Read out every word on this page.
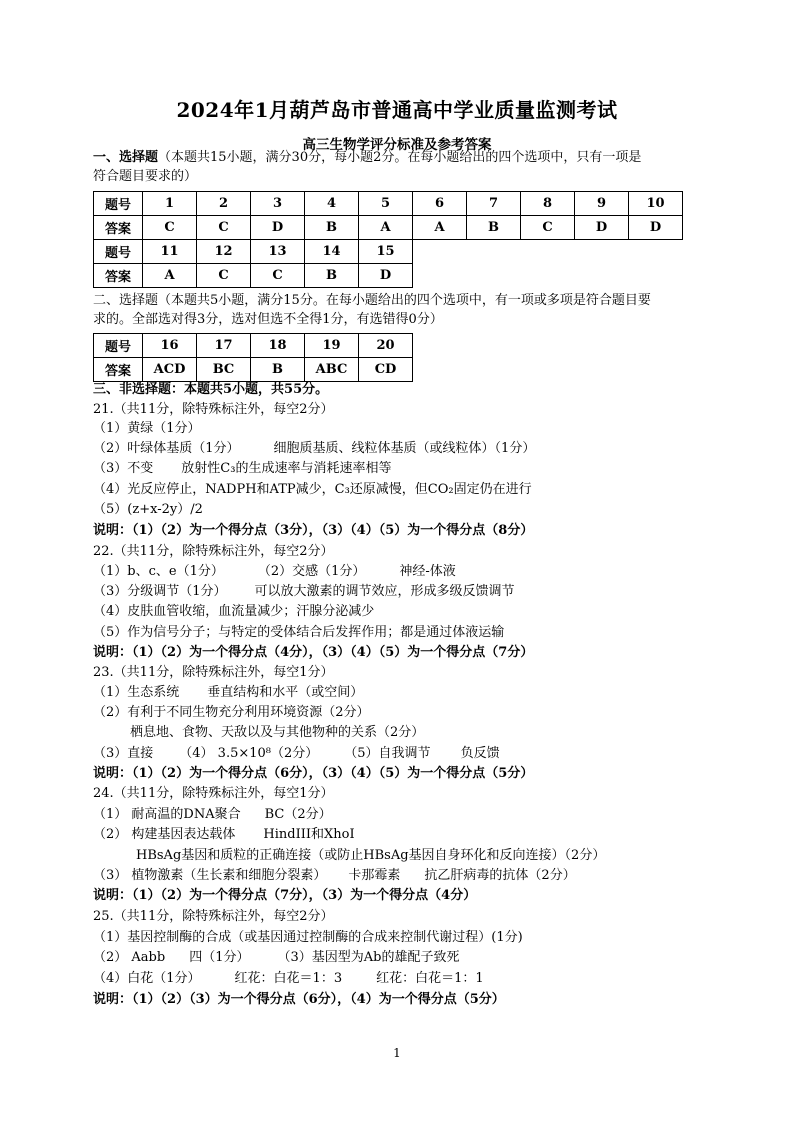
2024年1月葫芦岛市普通高中学业质量监测考试
高三生物学评分标准及参考答案
一、选择题（本题共15小题，满分30分，每小题2分。在每小题给出的四个选项中，只有一项是
符合题目要求的）
题号	1	2	3	4	5	6	7	8	9	10
答案	C	C	D	B	A	A	B	C	D	D
题号	11	12	13	14	15					
答案	A	C	C	B	D					
二、选择题（本题共5小题，满分15分。在每小题给出的四个选项中，有一项或多项是符合题目要
求的。全部选对得3分，选对但选不全得1分，有选错得0分）
题号	16	17	18	19	20
答案	ACD	BC	B	ABC	CD
三、非选择题：本题共5小题，共55分。
21.（共11分，除特殊标注外，每空2分）
（1）黄绿（1分）
（2）叶绿体基质（1分）	细胞质基质、线粒体基质（或线粒体）（1分）
（3）不变 放射性C₃的生成速率与消耗速率相等
（4）光反应停止，NADPH和ATP减少，C₃还原减慢，但CO₂固定仍在进行
（5）(z+x-2y）/2
说明：（1）（2）为一个得分点（3分），（3）（4）（5）为一个得分点（8分）
22.（共11分，除特殊标注外，每空2分）
（1）b、c、e（1分）	（2）交感（1分）	神经-体液
（3）分级调节（1分） 可以放大激素的调节效应，形成多级反馈调节
（4）皮肤血管收缩，血流量减少；汗腺分泌减少
（5）作为信号分子；与特定的受体结合后发挥作用；都是通过体液运输
说明：（1）（2）为一个得分点（4分），（3）（4）（5）为一个得分点（7分）
23.（共11分，除特殊标注外，每空1分）
（1）生态系统 垂直结构和水平（或空间）
（2）有利于不同生物充分利用环境资源（2分）
栖息地、食物、天敌以及与其他物种的关系（2分）
（3）直接 （4） 3.5×10⁸（2分） （5）自我调节 负反馈
说明：（1）（2）为一个得分点（6分），（3）（4）（5）为一个得分点（5分）
24.（共11分，除特殊标注外，每空1分）
（1） 耐高温的DNA聚合 BC（2分）
（2） 构建基因表达载体 HindIII和XhoI
HBsAg基因和质粒的正确连接（或防止HBsAg基因自身环化和反向连接）（2分）
（3） 植物激素（生长素和细胞分裂素） 卡那霉素 抗乙肝病毒的抗体（2分）
说明：（1）（2）为一个得分点（7分），（3）为一个得分点（4分）
25.（共11分，除特殊标注外，每空2分）
（1）基因控制酶的合成（或基因通过控制酶的合成来控制代谢过程）(1分)
（2） Aabb 四（1分） （3）基因型为Ab的雄配子致死
（4）白花（1分）	红花：白花＝1：3	红花：白花＝1：1
说明：（1）（2）（3）为一个得分点（6分），（4）为一个得分点（5分）
1
